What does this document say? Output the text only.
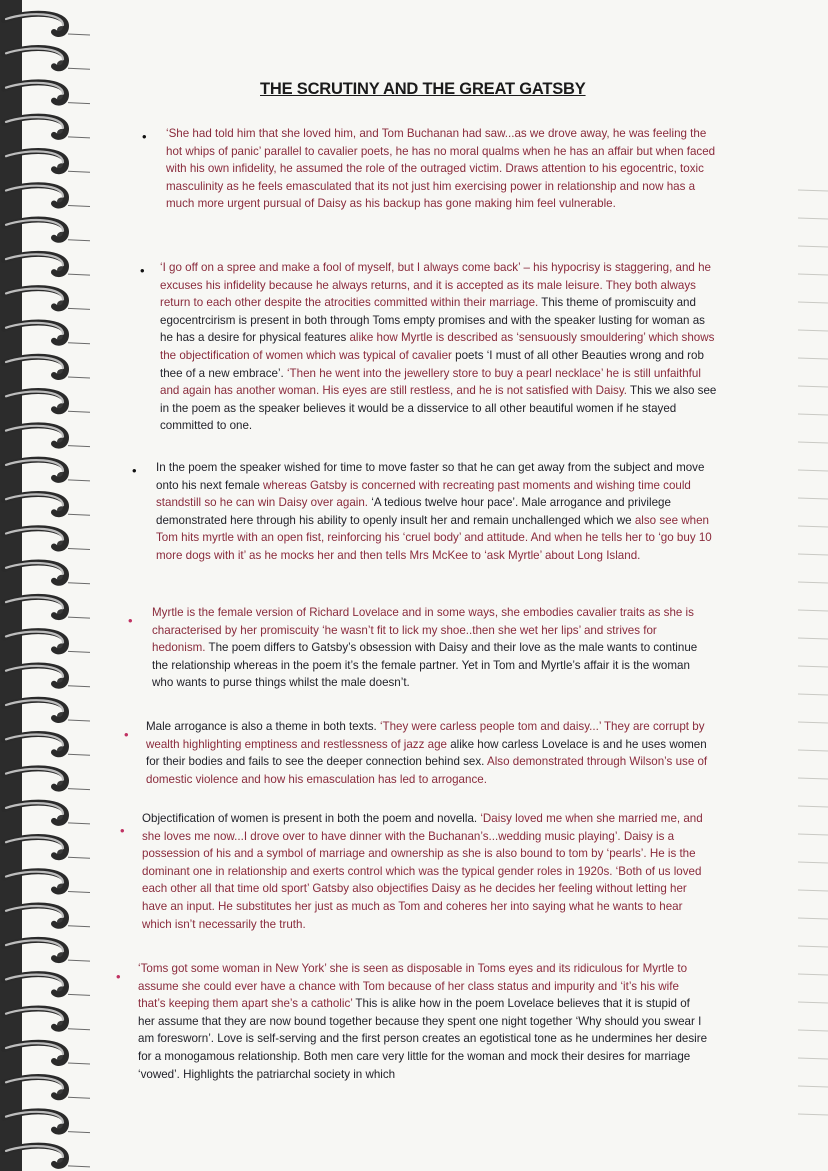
THE SCRUTINY AND THE GREAT GATSBY
• ‘She had told him that she loved him, and Tom Buchanan had saw...as we drove away, he was feeling the hot whips of panic’ parallel to cavalier poets, he has no moral qualms when he has an affair but when faced with his own infidelity, he assumed the role of the outraged victim. Draws attention to his egocentric, toxic masculinity as he feels emasculated that its not just him exercising power in relationship and now has a much more urgent pursual of Daisy as his backup has gone making him feel vulnerable.
• ‘I go off on a spree and make a fool of myself, but I always come back’ – his hypocrisy is staggering, and he excuses his infidelity because he always returns, and it is accepted as its male leisure. They both always return to each other despite the atrocities committed within their marriage. This theme of promiscuity and egocentrcirism is present in both through Toms empty promises and with the speaker lusting for woman as he has a desire for physical features alike how Myrtle is described as ‘sensuously smouldering’ which shows the objectification of women which was typical of cavalier poets ‘I must of all other Beauties wrong and rob thee of a new embrace’. ‘Then he went into the jewellery store to buy a pearl necklace’ he is still unfaithful and again has another woman. His eyes are still restless, and he is not satisfied with Daisy. This we also see in the poem as the speaker believes it would be a disservice to all other beautiful women if he stayed committed to one.
• In the poem the speaker wished for time to move faster so that he can get away from the subject and move onto his next female whereas Gatsby is concerned with recreating past moments and wishing time could standstill so he can win Daisy over again. ‘A tedious twelve hour pace’. Male arrogance and privilege demonstrated here through his ability to openly insult her and remain unchallenged which we also see when Tom hits myrtle with an open fist, reinforcing his ‘cruel body’ and attitude. And when he tells her to ‘go buy 10 more dogs with it’ as he mocks her and then tells Mrs McKee to ‘ask Myrtle’ about Long Island.
•
Myrtle is the female version of Richard Lovelace and in some ways, she embodies cavalier traits as she is characterised by her promiscuity ‘he wasn’t fit to lick my shoe..then she wet her lips’ and strives for hedonism. The poem differs to Gatsby’s obsession with Daisy and their love as the male wants to continue the relationship whereas in the poem it’s the female partner. Yet in Tom and Myrtle’s affair it is the woman who wants to purse things whilst the male doesn’t.
•
Male arrogance is also a theme in both texts. ‘They were carless people tom and daisy...’ They are corrupt by wealth highlighting emptiness and restlessness of jazz age alike how carless Lovelace is and he uses women for their bodies and fails to see the deeper connection behind sex. Also demonstrated through Wilson’s use of domestic violence and how his emasculation has led to arrogance.
•
Objectification of women is present in both the poem and novella. ‘Daisy loved me when she married me, and she loves me now...I drove over to have dinner with the Buchanan’s...wedding music playing’. Daisy is a possession of his and a symbol of marriage and ownership as she is also bound to tom by ‘pearls’. He is the dominant one in relationship and exerts control which was the typical gender roles in 1920s. ‘Both of us loved each other all that time old sport’ Gatsby also objectifies Daisy as he decides her feeling without letting her have an input. He substitutes her just as much as Tom and coheres her into saying what he wants to hear which isn’t necessarily the truth.
•
‘Toms got some woman in New York’ she is seen as disposable in Toms eyes and its ridiculous for Myrtle to assume she could ever have a chance with Tom because of her class status and impurity and ‘it’s his wife that’s keeping them apart she’s a catholic’ This is alike how in the poem Lovelace believes that it is stupid of her assume that they are now bound together because they spent one night together ‘Why should you swear I am foresworn’. Love is self-serving and the first person creates an egotistical tone as he undermines her desire for a monogamous relationship. Both men care very little for the woman and mock their desires for marriage ‘vowed’. Highlights the patriarchal society in which
